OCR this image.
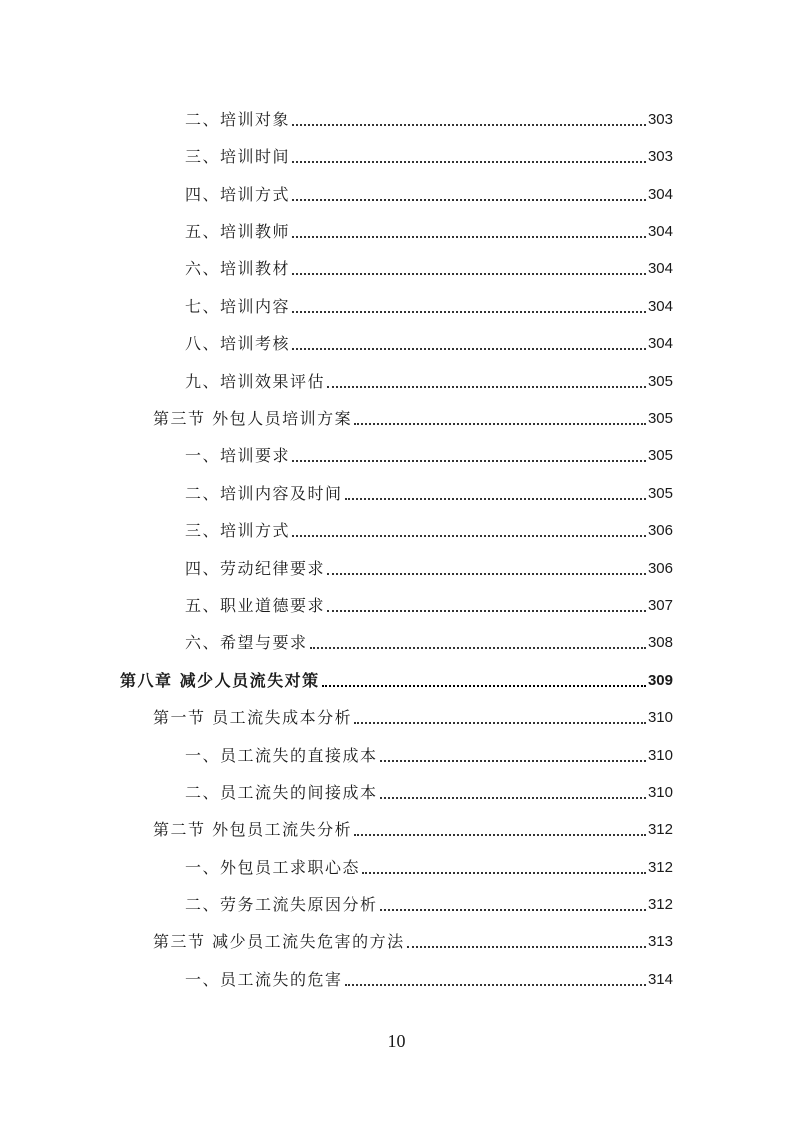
二、培训对象	303
三、培训时间	303
四、培训方式	304
五、培训教师	304
六、培训教材	304
七、培训内容	304
八、培训考核	304
九、培训效果评估	305
第三节 外包人员培训方案	305
一、培训要求	305
二、培训内容及时间	305
三、培训方式	306
四、劳动纪律要求	306
五、职业道德要求	307
六、希望与要求	308
第八章 减少人员流失对策	309
第一节 员工流失成本分析	310
一、员工流失的直接成本	310
二、员工流失的间接成本	310
第二节 外包员工流失分析	312
一、外包员工求职心态	312
二、劳务工流失原因分析	312
第三节 减少员工流失危害的方法	313
一、员工流失的危害	314
10
